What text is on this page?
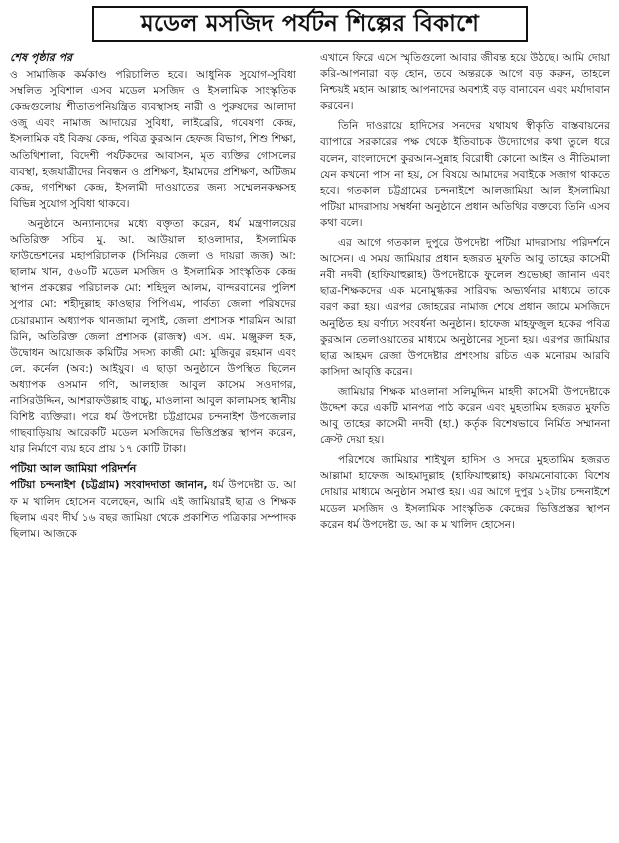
মডেল মসজিদ পর্যটন শিল্পের বিকাশে
শেষ পৃষ্ঠার পর

ও সামাজিক কর্মকাণ্ড পরিচালিত হবে। আধুনিক সুযোগ-সুবিধা সম্বলিত সুবিশাল এসব মডেল মসজিদ ও ইসলামিক সাংস্কৃতিক কেন্দ্রগুলোয় শীতাতপনিয়ন্ত্রিত ব্যবস্থাসহ নারী ও পুরুষদের আলাদা ওজু এবং নামাজ আদায়ের সুবিধা, লাইব্রেরি, গবেষণা কেন্দ্র, ইসলামিক বই বিক্রয় কেন্দ্র, পবিত্র কুরআন হেফজ বিভাগ, শিশু শিক্ষা, অতিথিশালা, বিদেশী পর্যটকদের আবাসন, মৃত ব্যক্তির গোসলের ব্যবস্থা, হজযাত্রীদের নিবন্ধন ও প্রশিক্ষণ, ইমামদের প্রশিক্ষণ, অটিজম কেন্দ্র, গণশিক্ষা কেন্দ্র, ইসলামী দাওয়াতের জন্য সম্মেলনকক্ষসহ বিভিন্ন সুযোগ সুবিধা থাকবে।

অনুষ্ঠানে অন্যান্যদের মধ্যে বক্তৃতা করেন, ধর্ম মন্ত্রণালয়ের অতিরিক্ত সচিব মু. আ. আউয়াল হাওলাদার, ইসলামিক ফাউন্ডেশনের মহাপরিচালক (সিনিয়র জেলা ও দায়রা জজ) আ: ছালাম খান, ৫৬০টি মডেল মসজিদ ও ইসলামিক সাংস্কৃতিক কেন্দ্র স্থাপন প্রকল্পের পরিচালক মো: শহিদুল আলম, বান্দরবানের পুলিশ সুপার মো: শহীদুল্লাহ কাওছার পিপিএম, পার্বত্য জেলা পরিষদের চেয়ারম্যান অধ্যাপক থানজামা লুসাই, জেলা প্রশাসক শারমিন আরা রিনি, অতিরিক্ত জেলা প্রশাসক (রাজস্ব) এস. এম. মঞ্জুরুল হক, উদ্বোধন আয়োজক কমিটির সদস্য কাজী মো: মুজিবুর রহমান এবং লে. কর্নেল (অব:) আইয়ুব। এ ছাড়া অনুষ্ঠানে উপস্থিত ছিলেন অধ্যাপক ওসমান গণি, আলহাজ আবুল কাসেম সওদাগর, নাসিরউদ্দিন, আশরাফউল্লাহ বাচ্চু, মাওলানা আবুল কালামসহ স্থানীয় বিশিষ্ট ব্যক্তিরা। পরে ধর্ম উপদেষ্টা চট্টগ্রামের চন্দনাইশ উপজেলার গাছবাড়িয়ায় আরেকটি মডেল মসজিদের ভিত্তিপ্রস্তর স্থাপন করেন, যার নির্মাণে ব্যয় হবে প্রায় ১৭ কোটি টাকা।

পটিয়া আল জামিয়া পরিদর্শন

পটিয়া চন্দনাইশ (চট্টগ্রাম) সংবাদদাতা জানান, ধর্ম উপদেষ্টা ড. আ ফ ম খালিদ হোসেন বলেছেন, আমি এই জামিয়ারই ছাত্র ও শিক্ষক ছিলাম এবং দীর্ঘ ১৬ বছর জামিয়া থেকে প্রকাশিত পত্রিকার সম্পাদক ছিলাম। আজকে

এখানে ফিরে এসে স্মৃতিগুলো আবার জীবন্ত হয়ে উঠছে। আমি দোয়া করি-আপনারা বড় হোন, তবে অন্তরকে আগে বড় করুন, তাহলে নিশ্চয়ই মহান আল্লাহ আপনাদের অবশ্যই বড় বানাবেন এবং মর্যাদাবান করবেন।

তিনি দাওরায়ে হাদিসের সনদের যথাযথ স্বীকৃতি বাস্তবায়নের ব্যাপারে সরকারের পক্ষ থেকে ইতিবাচক উদ্যোগের কথা তুলে ধরে বলেন, বাংলাদেশে কুরআন-সুন্নাহ বিরোধী কোনো আইন ও নীতিমালা যেন কখনো পাস না হয়, সে বিষয়ে আমাদের সবাইকে সজাগ থাকতে হবে। গতকাল চট্টগ্রামের চন্দনাইশে আলজামিয়া আল ইসলামিয়া পটিয়া মাদরাসায় সম্বর্ধনা অনুষ্ঠানে প্রধান অতিথির বক্তব্যে তিনি এসব কথা বলে।

এর আগে গতকাল দুপুরে উপদেষ্টা পটিয়া মাদরাসায় পরিদর্শনে আসেন। এ সময় জামিয়ার প্রধান হজরত মুফতি আবু তাহের কাসেমী নবী নদবী (হাফিযাহুল্লাহ) উপদেষ্টাকে ফুলেল শুভেচ্ছা জানান এবং ছাত্র-শিক্ষকদের এক মনোমুগ্ধকর সারিবদ্ধ অভ্যর্থনার মাধ্যমে তাকে বরণ করা হয়। এরপর জোহরের নামাজ শেষে প্রধান জামে মসজিদে অনুষ্ঠিত হয় বর্ণাঢ্য সংবর্ধনা অনুষ্ঠান। হাফেজ মাহফুজুল হকের পবিত্র কুরআন তেলাওয়াতের মাধ্যমে অনুষ্ঠানের সূচনা হয়। এরপর জামিয়ার ছাত্র আহমদ রেজা উপদেষ্টার প্রশংসায় রচিত এক মনোরম আরবি কাসিদা আবৃত্তি করেন।

জামিয়ার শিক্ষক মাওলানা সলিমুদ্দিন মাহদী কাসেমী উপদেষ্টাকে উদ্দেশ করে একটি মানপত্র পাঠ করেন এবং মুহতামিম হজরত মুফতি আবু তাহের কাসেমী নদবী (হা.) কর্তৃক বিশেষভাবে নির্মিত সম্মাননা ক্রেস্ট দেয়া হয়।

পরিশেষে জামিয়ার শাইখুল হাদিস ও সদরে মুহতামিম হজরত আল্লামা হাফেজ আহমাদুল্লাহ (হাফিযাহুল্লাহ) কায়মনোবাক্যে বিশেষ দোয়ার মাধ্যমে অনুষ্ঠান সমাপ্ত হয়। এর আগে দুপুর ১২টায় চন্দনাইশে মডেল মসজিদ ও ইসলামিক সাংস্কৃতিক কেন্দ্রের ভিত্তিপ্রস্তর স্থাপন করেন ধর্ম উপদেষ্টা ড. আ ক ম খালিদ হোসেন।
